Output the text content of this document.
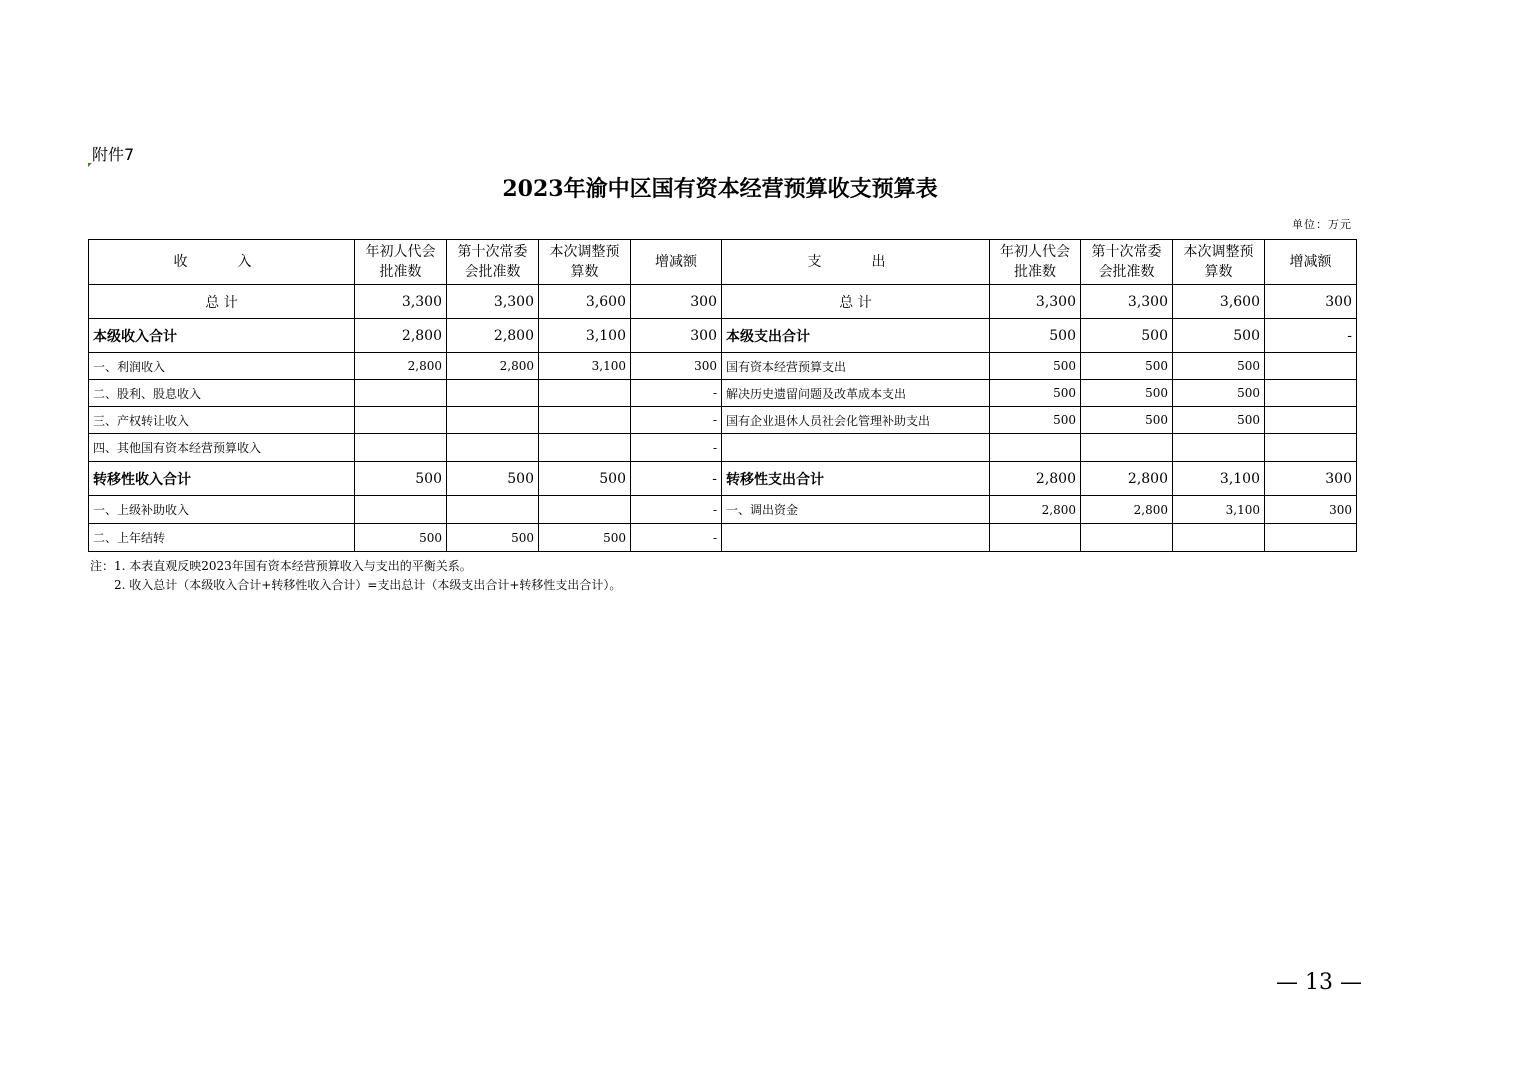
附件7
2023年渝中区国有资本经营预算收支预算表
单位：万元
收　入	年初人代会批准数	第十次常委会批准数	本次调整预算数	增减额	支　出	年初人代会批准数	第十次常委会批准数	本次调整预算数	增减额
总 计	3,300	3,300	3,600	300	总 计	3,300	3,300	3,600	300
本级收入合计	2,800	2,800	3,100	300	本级支出合计	500	500	500	-
一、利润收入	2,800	2,800	3,100	300	国有资本经营预算支出	500	500	500	
二、股利、股息收入				-	解决历史遗留问题及改革成本支出	500	500	500	
三、产权转让收入				-	国有企业退休人员社会化管理补助支出	500	500	500	
四、其他国有资本经营预算收入				-					
转移性收入合计	500	500	500	-	转移性支出合计	2,800	2,800	3,100	300
一、上级补助收入				-	一、调出资金	2,800	2,800	3,100	300
二、上年结转	500	500	500	-					
注：1. 本表直观反映2023年国有资本经营预算收入与支出的平衡关系。
2. 收入总计（本级收入合计+转移性收入合计）=支出总计（本级支出合计+转移性支出合计）。
— 13 —
